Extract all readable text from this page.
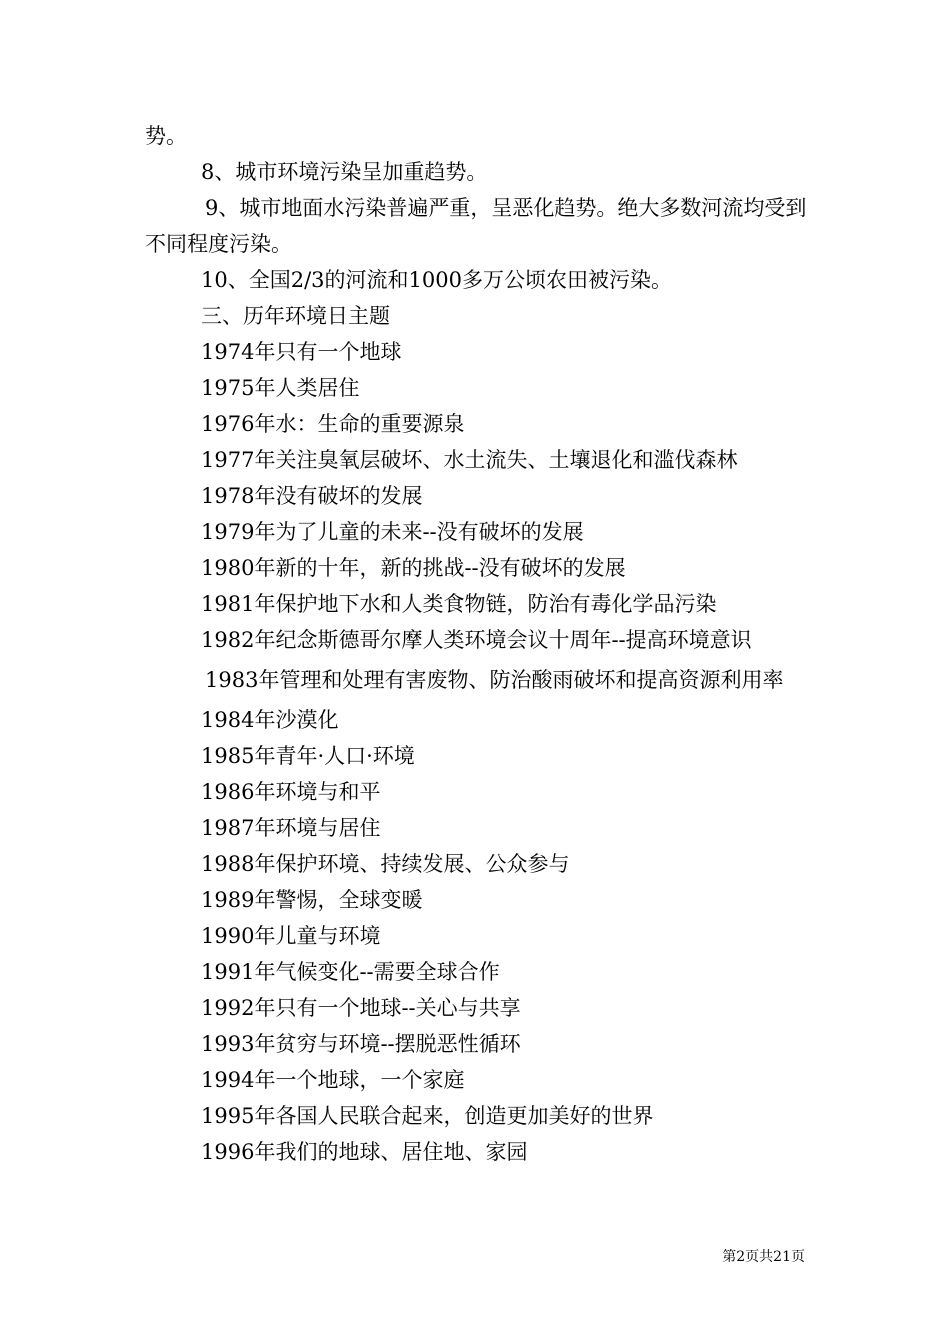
势。

8、城市环境污染呈加重趋势。

9、城市地面水污染普遍严重，呈恶化趋势。绝大多数河流均受到不同程度污染。

10、全国2/3的河流和1000多万公顷农田被污染。

三、历年环境日主题

1974年只有一个地球

1975年人类居住

1976年水：生命的重要源泉

1977年关注臭氧层破坏、水土流失、土壤退化和滥伐森林

1978年没有破坏的发展

1979年为了儿童的未来--没有破坏的发展

1980年新的十年，新的挑战--没有破坏的发展

1981年保护地下水和人类食物链，防治有毒化学品污染

1982年纪念斯德哥尔摩人类环境会议十周年--提高环境意识

1983年管理和处理有害废物、防治酸雨破坏和提高资源利用率

1984年沙漠化

1985年青年·人口·环境

1986年环境与和平

1987年环境与居住

1988年保护环境、持续发展、公众参与

1989年警惕，全球变暖

1990年儿童与环境

1991年气候变化--需要全球合作

1992年只有一个地球--关心与共享

1993年贫穷与环境--摆脱恶性循环

1994年一个地球，一个家庭

1995年各国人民联合起来，创造更加美好的世界

1996年我们的地球、居住地、家园

第2页共21页
